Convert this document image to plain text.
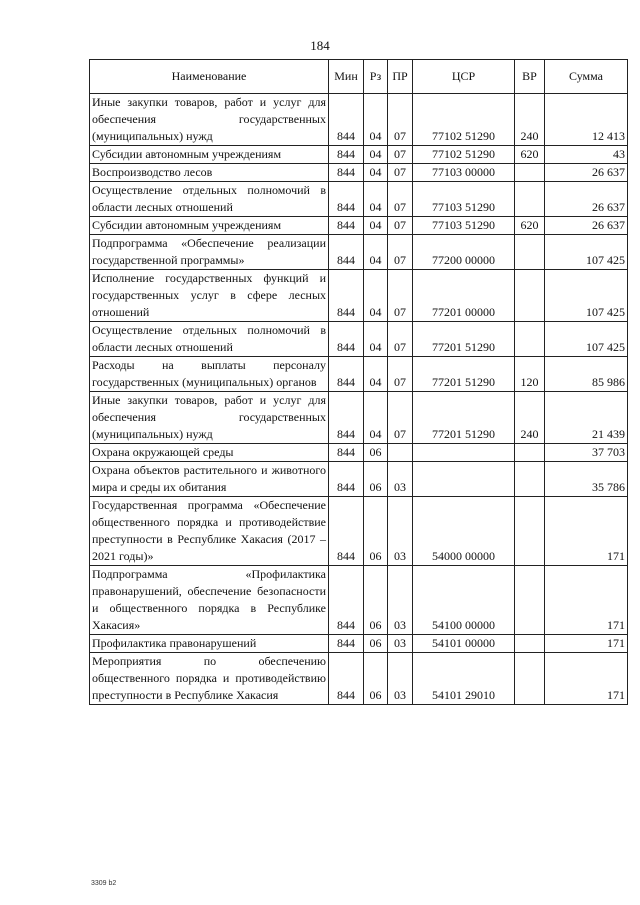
184
Наименование	Мин	Рз	ПР	ЦСР	ВР	Сумма
Иные закупки товаров, работ и услуг для обеспечения государственных (муниципальных) нужд	844	04	07	77102 51290	240	12 413
Субсидии автономным учреждениям	844	04	07	77102 51290	620	43
Воспроизводство лесов	844	04	07	77103 00000		26 637
Осуществление отдельных полномочий в области лесных отношений	844	04	07	77103 51290		26 637
Субсидии автономным учреждениям	844	04	07	77103 51290	620	26 637
Подпрограмма «Обеспечение реализации государственной программы»	844	04	07	77200 00000		107 425
Исполнение государственных функций и государственных услуг в сфере лесных отношений	844	04	07	77201 00000		107 425
Осуществление отдельных полномочий в области лесных отношений	844	04	07	77201 51290		107 425
Расходы на выплаты персоналу государственных (муниципальных) органов	844	04	07	77201 51290	120	85 986
Иные закупки товаров, работ и услуг для обеспечения государственных (муниципальных) нужд	844	04	07	77201 51290	240	21 439
Охрана окружающей среды	844	06				37 703
Охрана объектов растительного и животного мира и среды их обитания	844	06	03			35 786
Государственная программа «Обеспечение общественного порядка и противодействие преступности в Республике Хакасия (2017 – 2021 годы)»	844	06	03	54000 00000		171
Подпрограмма «Профилактика правонарушений, обеспечение безопасности и общественного порядка в Республике Хакасия»	844	06	03	54100 00000		171
Профилактика правонарушений	844	06	03	54101 00000		171
Мероприятия по обеспечению общественного порядка и противодействию преступности в Республике Хакасия	844	06	03	54101 29010		171
3309 b2
